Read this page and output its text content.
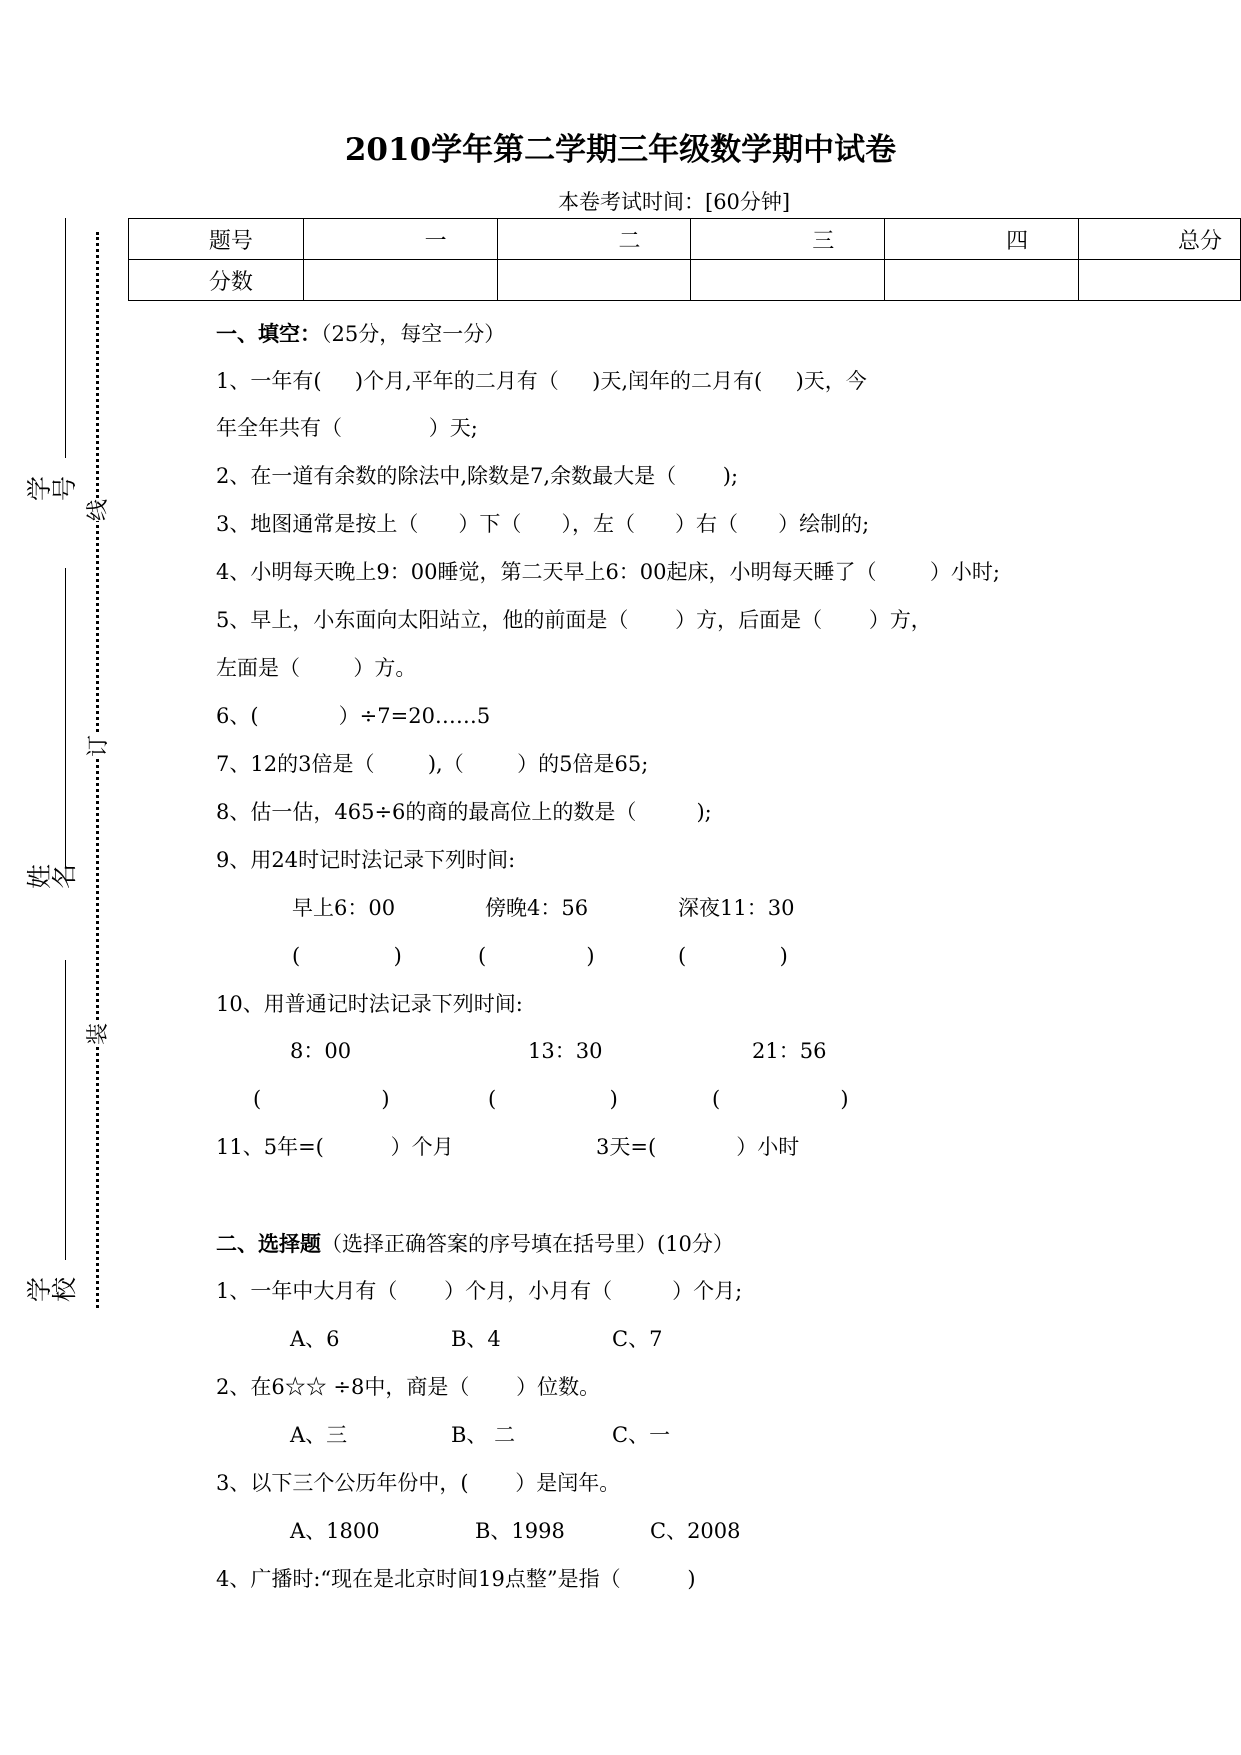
2010学年第二学期三年级数学期中试卷
本卷考试时间：[60分钟]
学号
姓名
学校
线
订
装
题号	一	二	三	四	总分
分数					
一、填空：（25分，每空一分）
1、一年有(     )个月,平年的二月有（     )天,闰年的二月有(     )天，今
年全年共有（             ）天;
2、在一道有余数的除法中,除数是7,余数最大是（       );
3、地图通常是按上（      ）下（      ），左（      ）右（      ）绘制的;
4、小明每天晚上9：00睡觉，第二天早上6：00起床，小明每天睡了（        ）小时;
5、早上，小东面向太阳站立，他的前面是（       ）方，后面是（       ）方，
左面是（        ）方。
6、(            ）÷7=20……5
7、12的3倍是（        ),（        ）的5倍是65;
8、估一估，465÷6的商的最高位上的数是（         );
9、用24时记时法记录下列时间:
早上6：00	傍晚4：56	深夜11：30
(              )	(               )	(              )
10、用普通记时法记录下列时间:
8：00	13：30	21：56
(                  )	(                 )	(                  )
11、5年=(          ）个月	3天=(            ）小时
二、选择题（选择正确答案的序号填在括号里）(10分）
1、一年中大月有（       ）个月，小月有（         ）个月;
A、6	B、4	C、7
2、在6☆☆ ÷8中，商是（       ）位数。
A、三	B、 二	C、一
3、以下三个公历年份中，(       ）是闰年。
A、1800	B、1998	C、2008
4、广播时:“现在是北京时间19点整”是指（          )
